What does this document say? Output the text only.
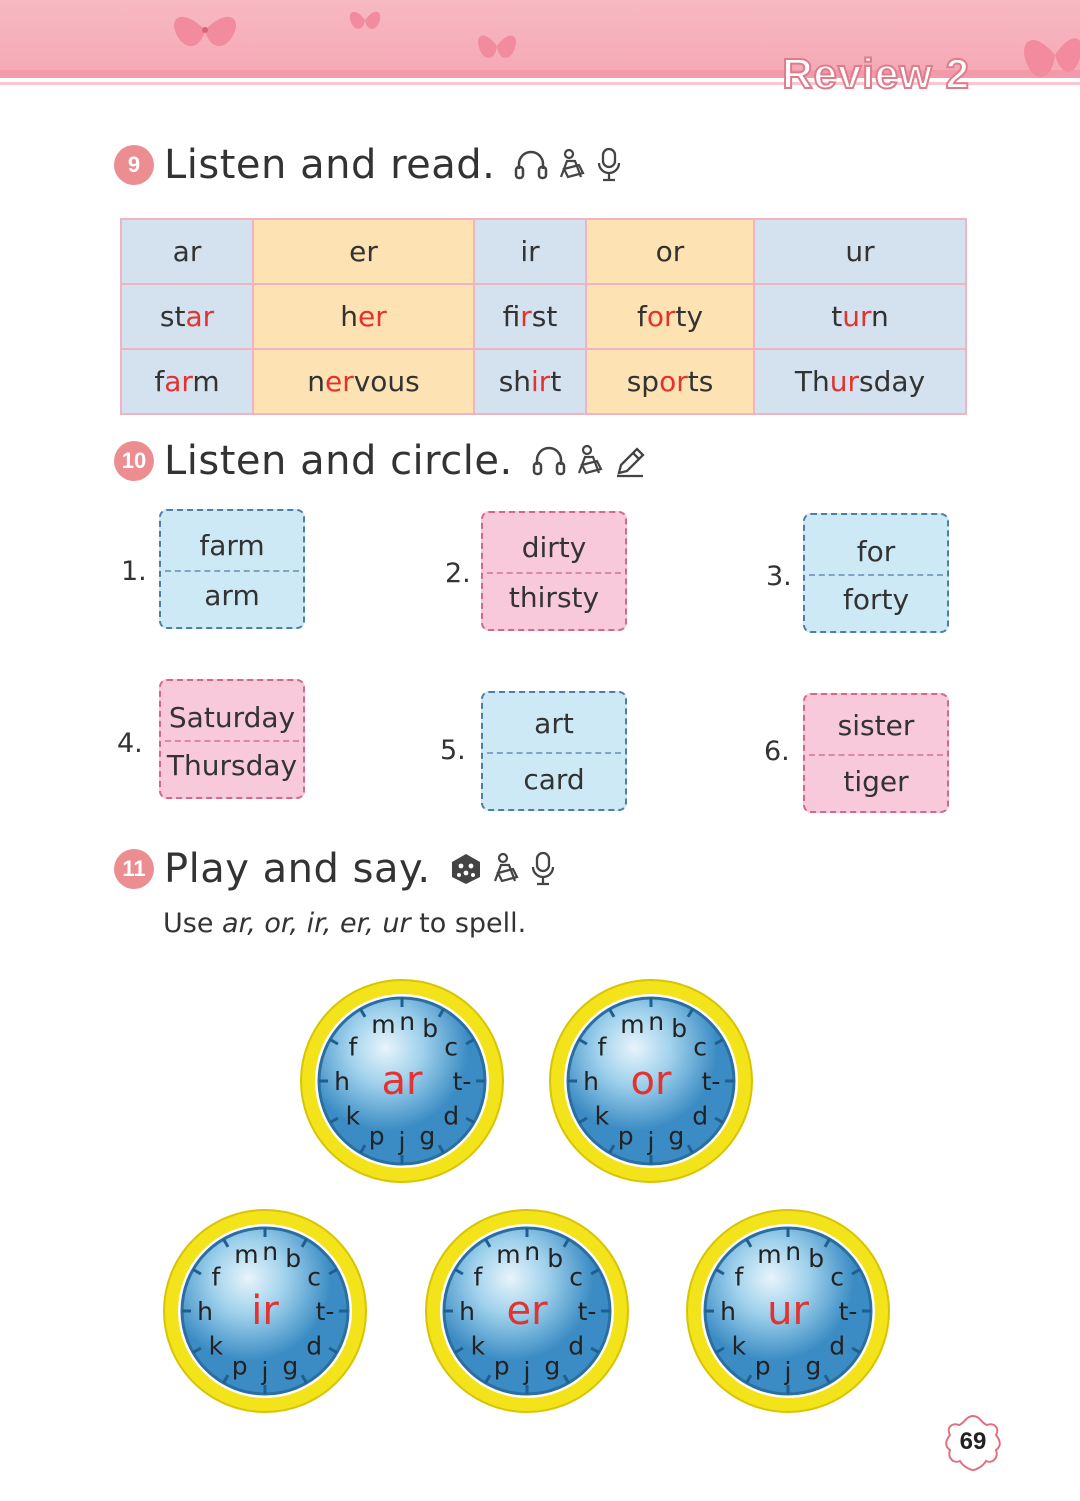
Review 2
9 Listen and read.
ar	er	ir	or	ur
star	her	first	forty	turn
farm	nervous	shirt	sports	Thursday
10 Listen and circle.
1.
farm
arm
2.
dirty
thirsty
3.
for
forty
4.
Saturday
Thursday	5.
art
card
6.
sister
tiger
11 Play and say.
Use ar, or, ir, er, ur to spell.
m n b
c
t-
d
g
j
p
k
h
f
ar
m n b
c
t-
d
g
j
p
k
h
f
or
m n b
c
t-
d
g
j
p
k
h
f
ir
m n b
c
t-
d
g
j
p
k
h
f
er
m n b
c
t-
d
g
j
p
k
h
f
ur
69
